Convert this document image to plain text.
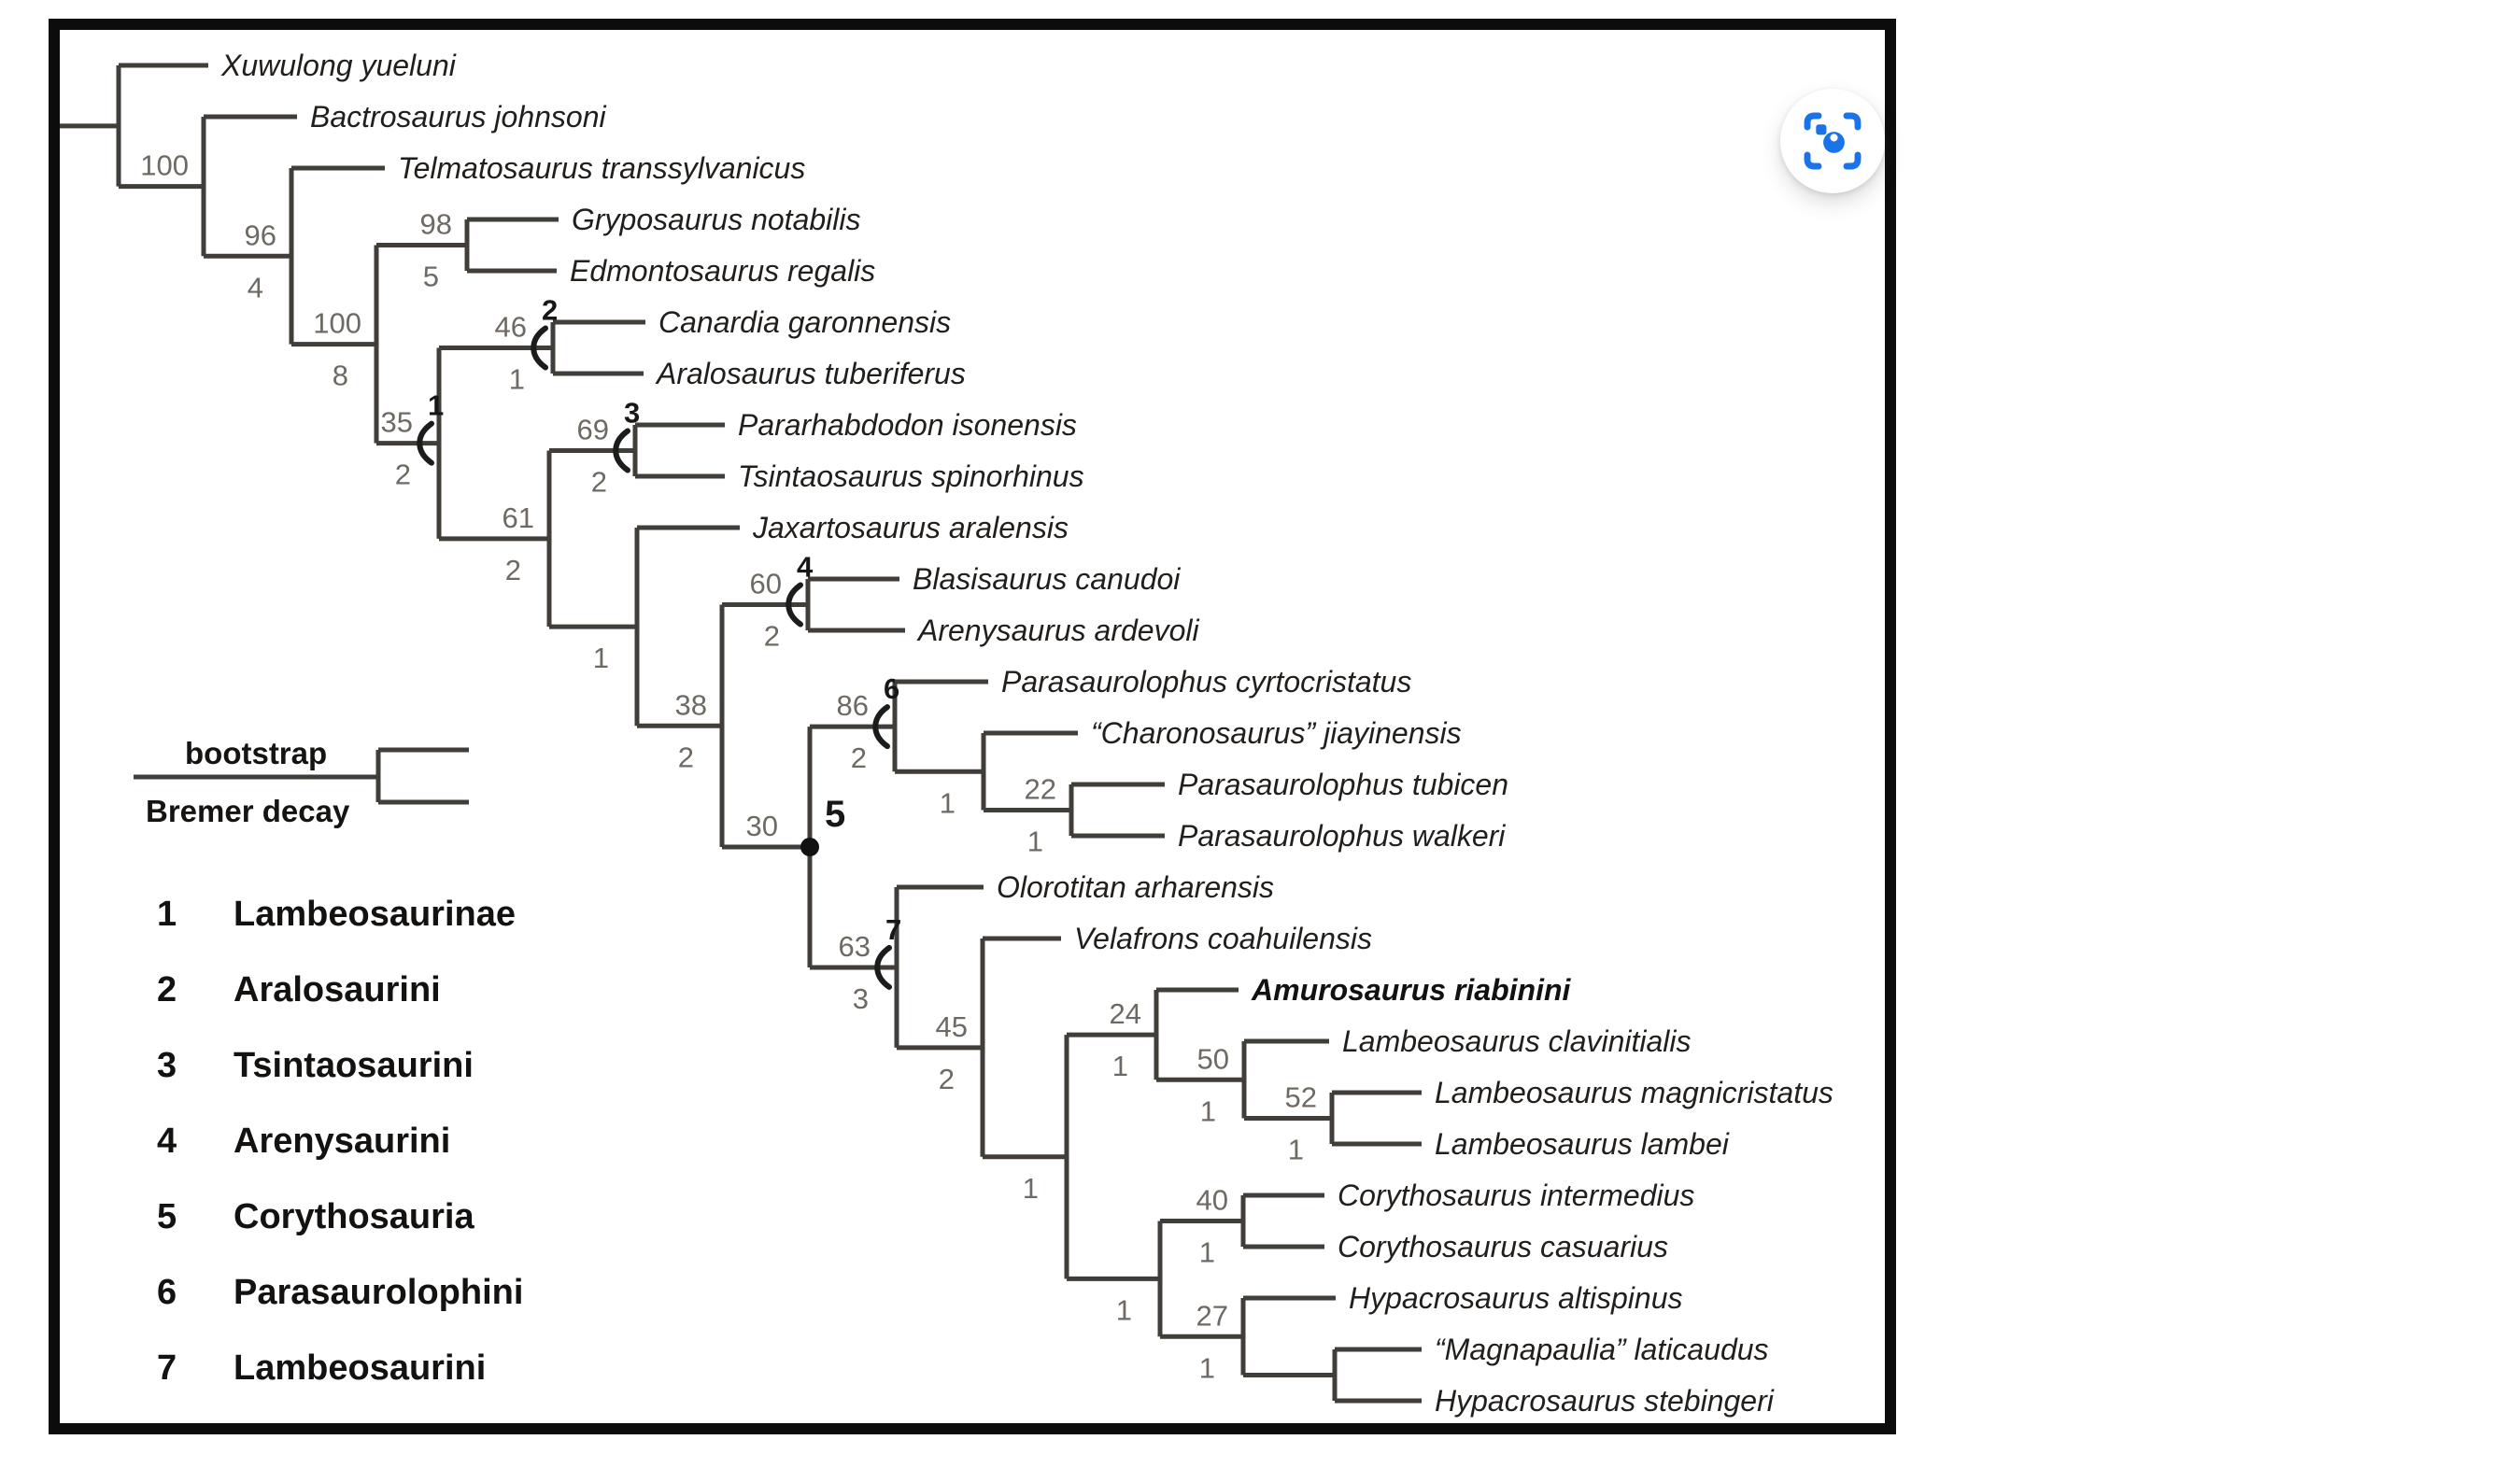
Xuwulong yueluni
100
Bactrosaurus johnsoni
96
4
Telmatosaurus transsylvanicus
100
8
98
5
Gryposaurus notabilis
Edmontosaurus regalis
35
2
1
46
1
2	Canardia garonnensis
Aralosaurus tuberiferus
61
2
69
2
3	Pararhabdodon isonensis
Tsintaosaurus spinorhinus
1
Jaxartosaurus aralensis
38
2
60
2
4	Blasisaurus canudoi
Arenysaurus ardevoli
30 5
86
2
6	Parasaurolophus cyrtocristatus
1
“Charonosaurus” jiayinensis
22
1
Parasaurolophus tubicen
Parasaurolophus walkeri
63
3
7
Olorotitan arharensis
45
2
Velafrons coahuilensis
1
24
1
Amurosaurus riabinini
50
1
Lambeosaurus clavinitialis
52
1
Lambeosaurus magnicristatus
Lambeosaurus lambei
1
40
1
Corythosaurus intermedius
Corythosaurus casuarius
27
1
Hypacrosaurus altispinus
“Magnapaulia” laticaudus
Hypacrosaurus stebingeri
bootstrap
Bremer decay
1 Lambeosaurinae
2 Aralosaurini
3 Tsintaosaurini
4 Arenysaurini
5 Corythosauria
6 Parasaurolophini
7 Lambeosaurini
